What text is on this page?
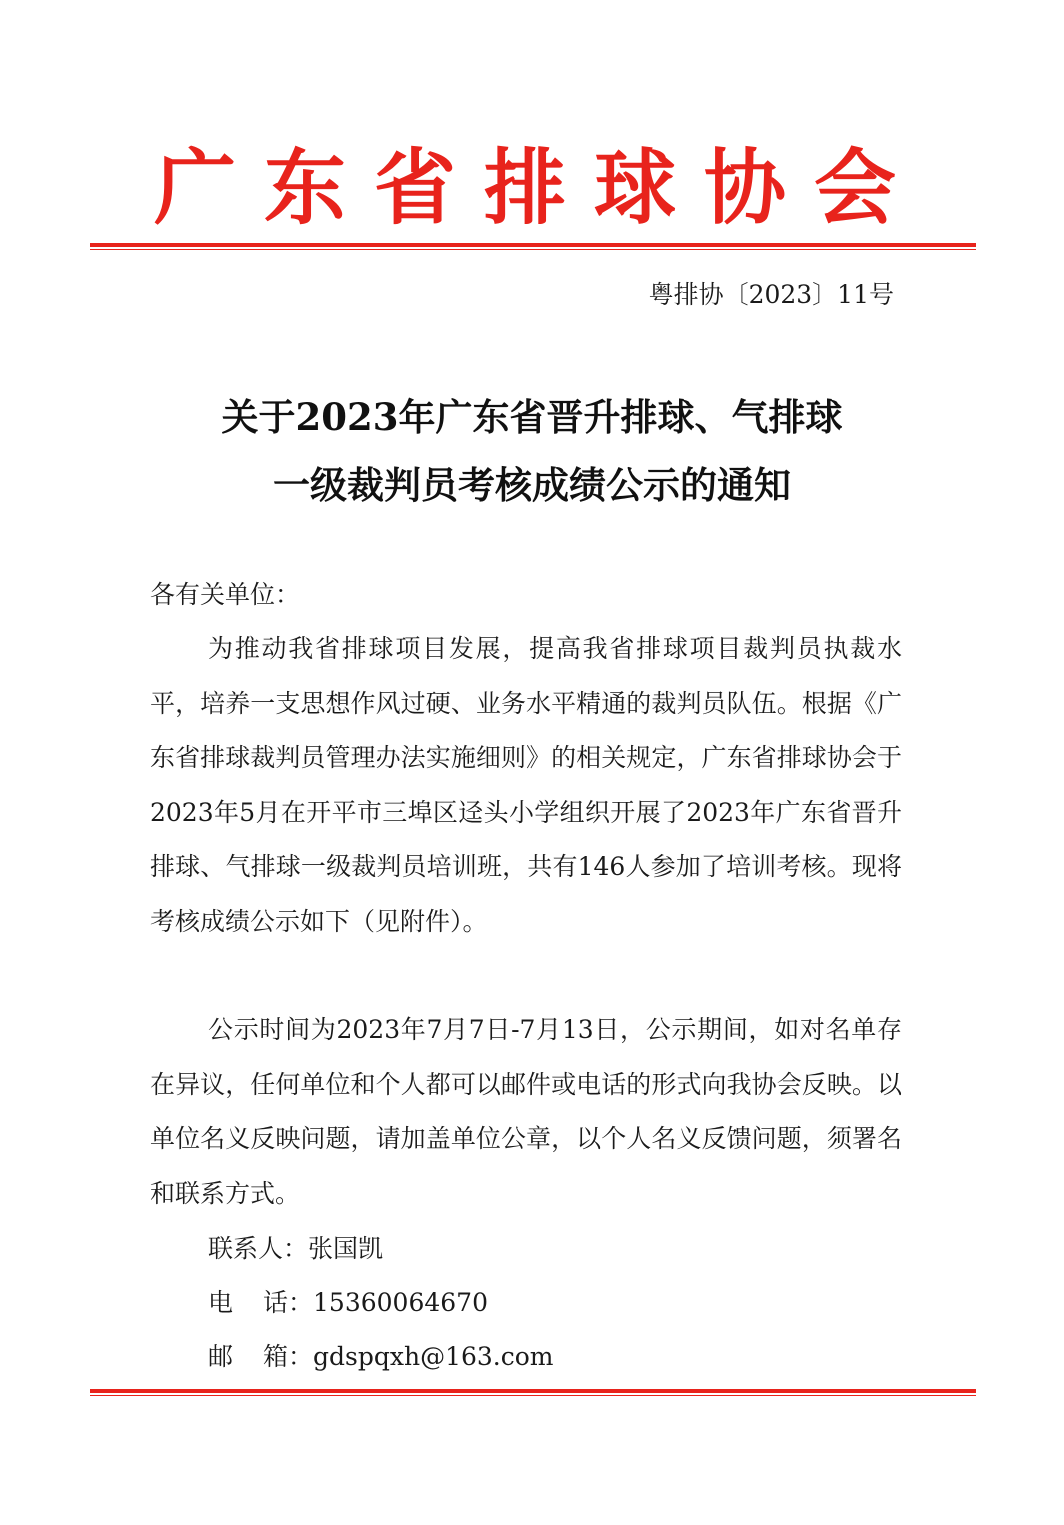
广东省排球协会
粤排协〔2023〕11号
关于2023年广东省晋升排球、气排球
一级裁判员考核成绩公示的通知
各有关单位：
为推动我省排球项目发展，提高我省排球项目裁判员执裁水平，培养一支思想作风过硬、业务水平精通的裁判员队伍。根据《广东省排球裁判员管理办法实施细则》的相关规定，广东省排球协会于2023年5月在开平市三埠区迳头小学组织开展了2023年广东省晋升排球、气排球一级裁判员培训班，共有146人参加了培训考核。现将考核成绩公示如下（见附件）。
公示时间为2023年7月7日-7月13日，公示期间，如对名单存在异议，任何单位和个人都可以邮件或电话的形式向我协会反映。以单位名义反映问题，请加盖单位公章，以个人名义反馈问题，须署名和联系方式。
联系人：张国凯
电话：15360064670
邮箱：gdspqxh@163.com
